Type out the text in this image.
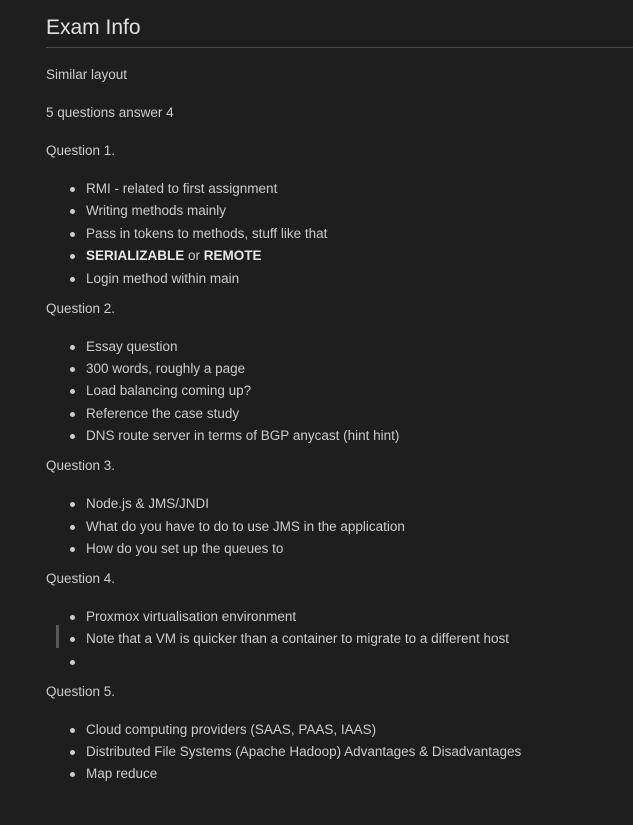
Exam Info

Similar layout

5 questions answer 4

Question 1.

RMI - related to first assignment
Writing methods mainly
Pass in tokens to methods, stuff like that
SERIALIZABLE or REMOTE
Login method within main

Question 2.

Essay question
300 words, roughly a page
Load balancing coming up?
Reference the case study
DNS route server in terms of BGP anycast (hint hint)

Question 3.

Node.js & JMS/JNDI
What do you have to do to use JMS in the application
How do you set up the queues to

Question 4.

Proxmox virtualisation environment
Note that a VM is quicker than a container to migrate to a different host

Question 5.

Cloud computing providers (SAAS, PAAS, IAAS)
Distributed File Systems (Apache Hadoop) Advantages & Disadvantages
Map reduce
